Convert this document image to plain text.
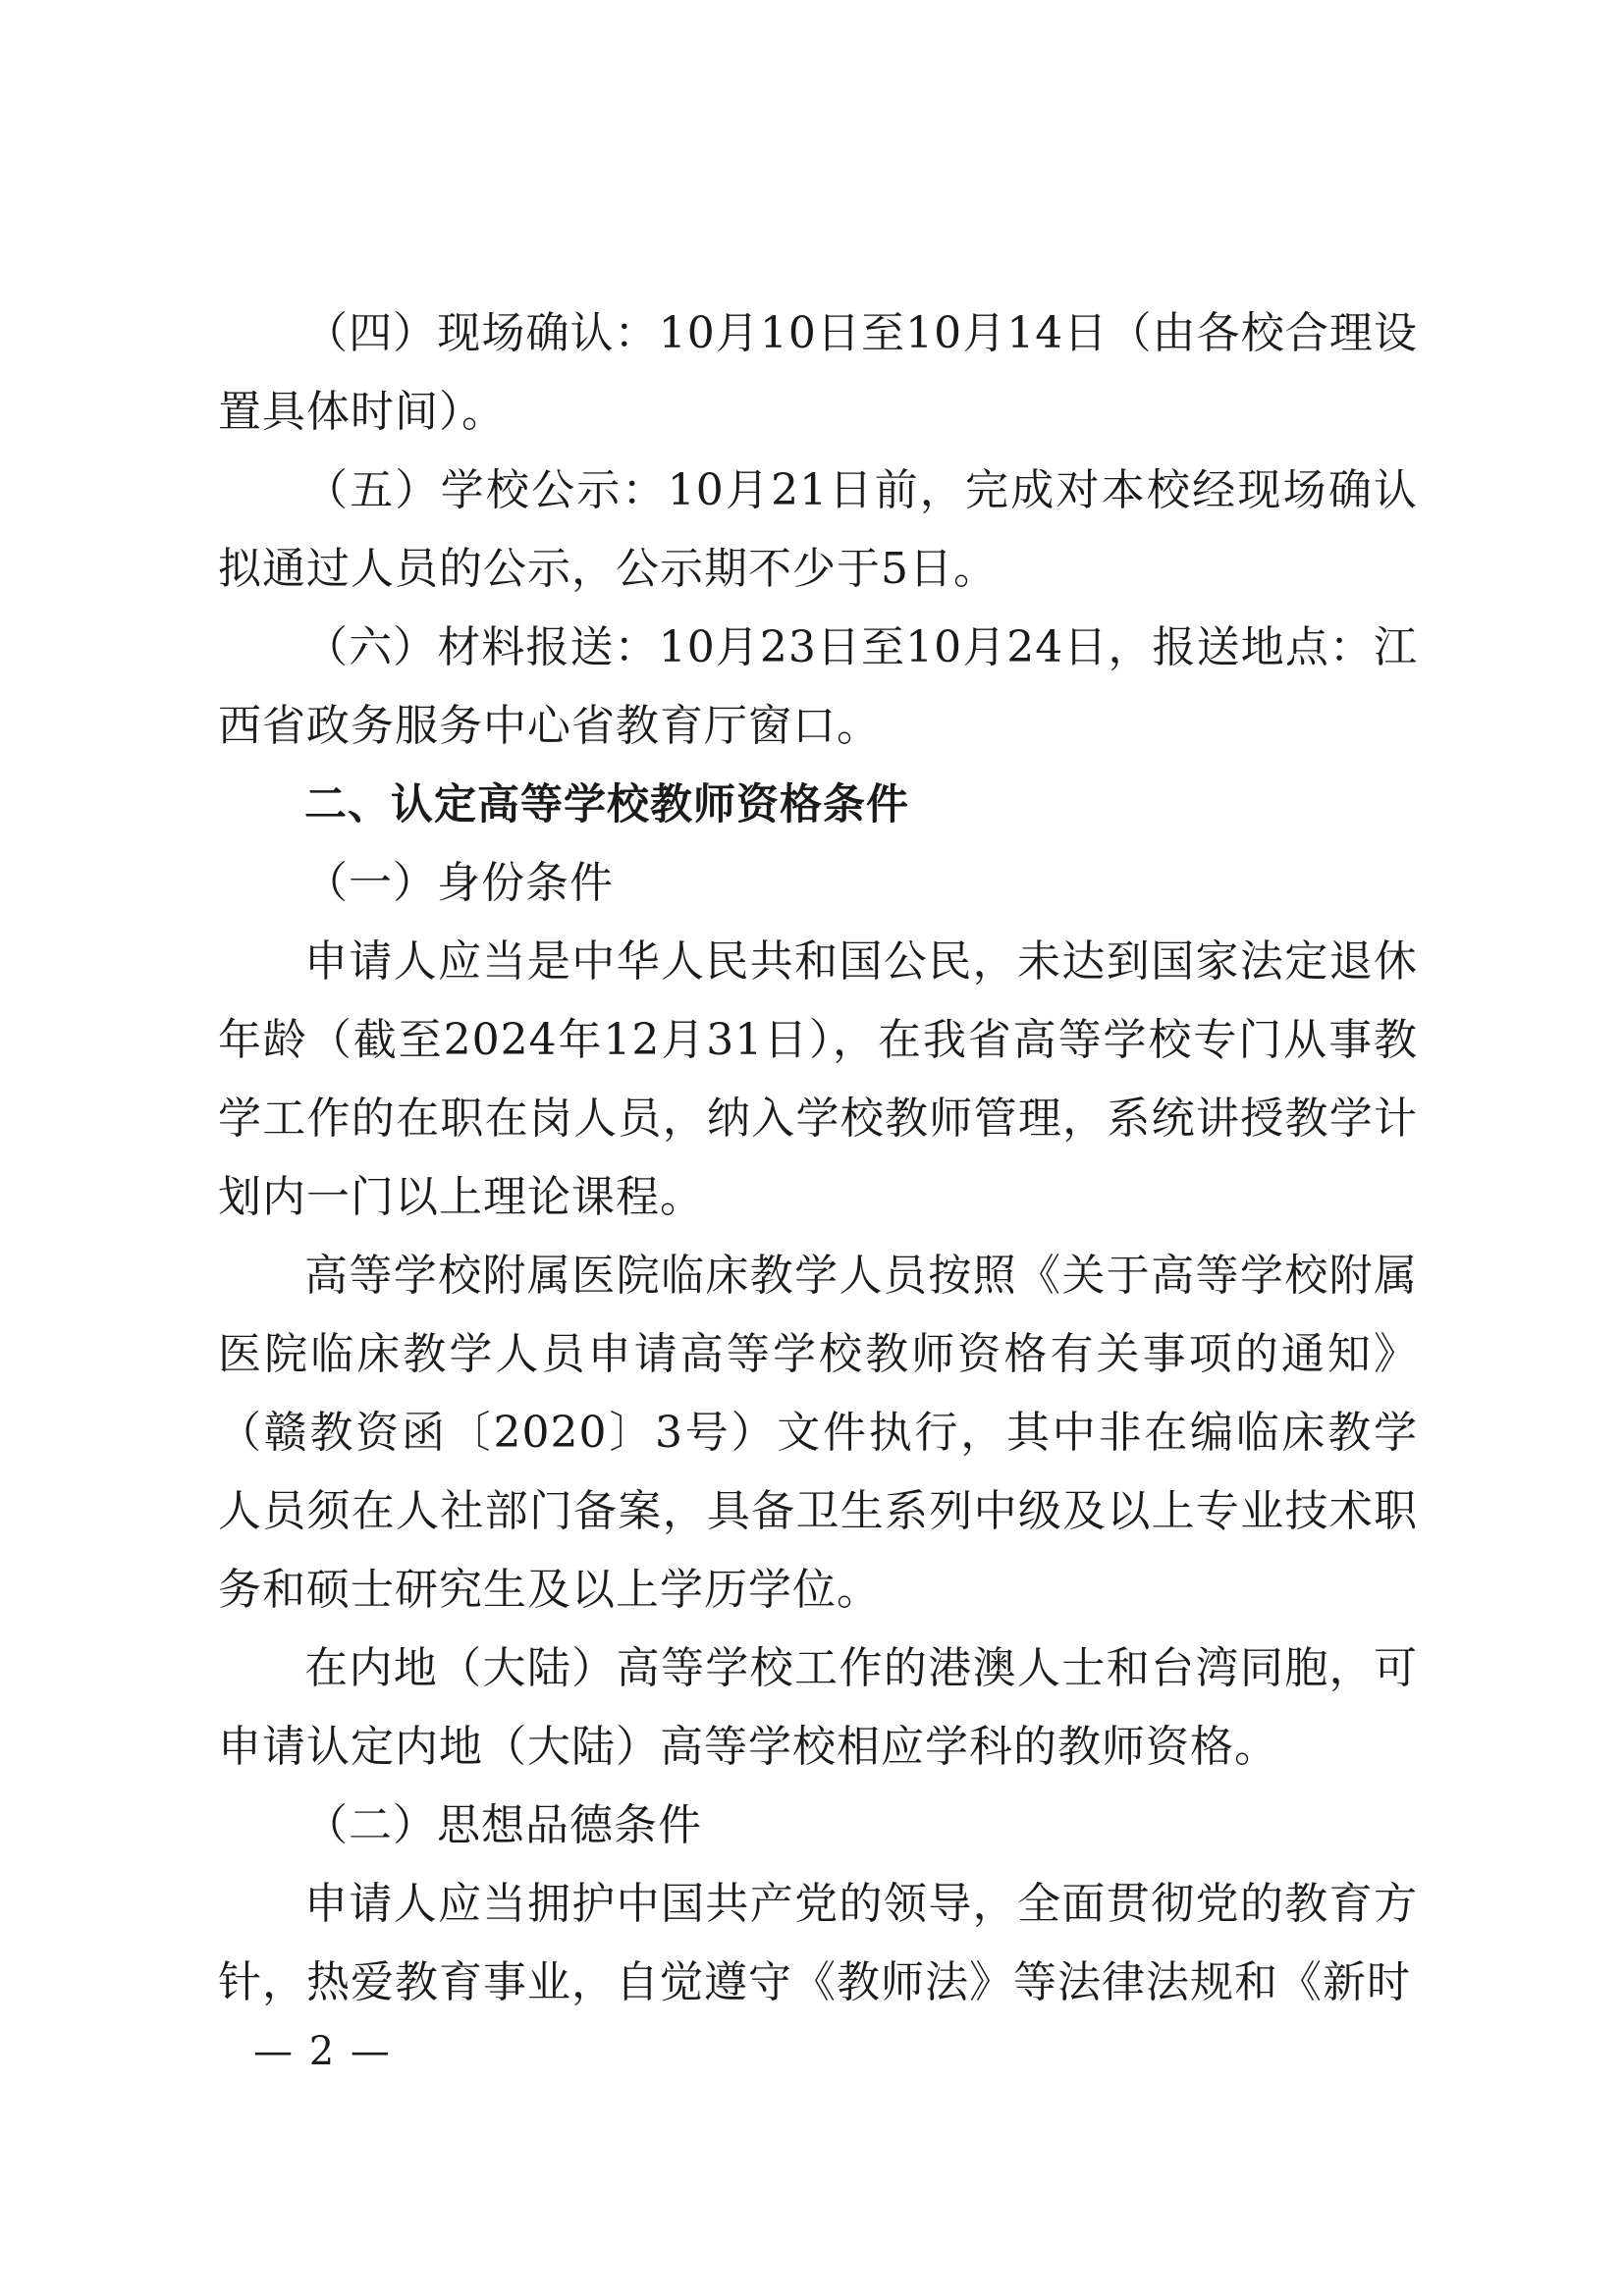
（四）现场确认：10月10日至10月14日（由各校合理设置具体时间）。

（五）学校公示：10月21日前，完成对本校经现场确认拟通过人员的公示，公示期不少于5日。

（六）材料报送：10月23日至10月24日，报送地点：江西省政务服务中心省教育厅窗口。

二、认定高等学校教师资格条件

（一）身份条件

申请人应当是中华人民共和国公民，未达到国家法定退休年龄（截至2024年12月31日），在我省高等学校专门从事教学工作的在职在岗人员，纳入学校教师管理，系统讲授教学计划内一门以上理论课程。

高等学校附属医院临床教学人员按照《关于高等学校附属医院临床教学人员申请高等学校教师资格有关事项的通知》（赣教资函〔2020〕3号）文件执行，其中非在编临床教学人员须在人社部门备案，具备卫生系列中级及以上专业技术职务和硕士研究生及以上学历学位。

在内地（大陆）高等学校工作的港澳人士和台湾同胞，可申请认定内地（大陆）高等学校相应学科的教师资格。

（二）思想品德条件

申请人应当拥护中国共产党的领导，全面贯彻党的教育方针，热爱教育事业，自觉遵守《教师法》等法律法规和《新时

— 2 —
